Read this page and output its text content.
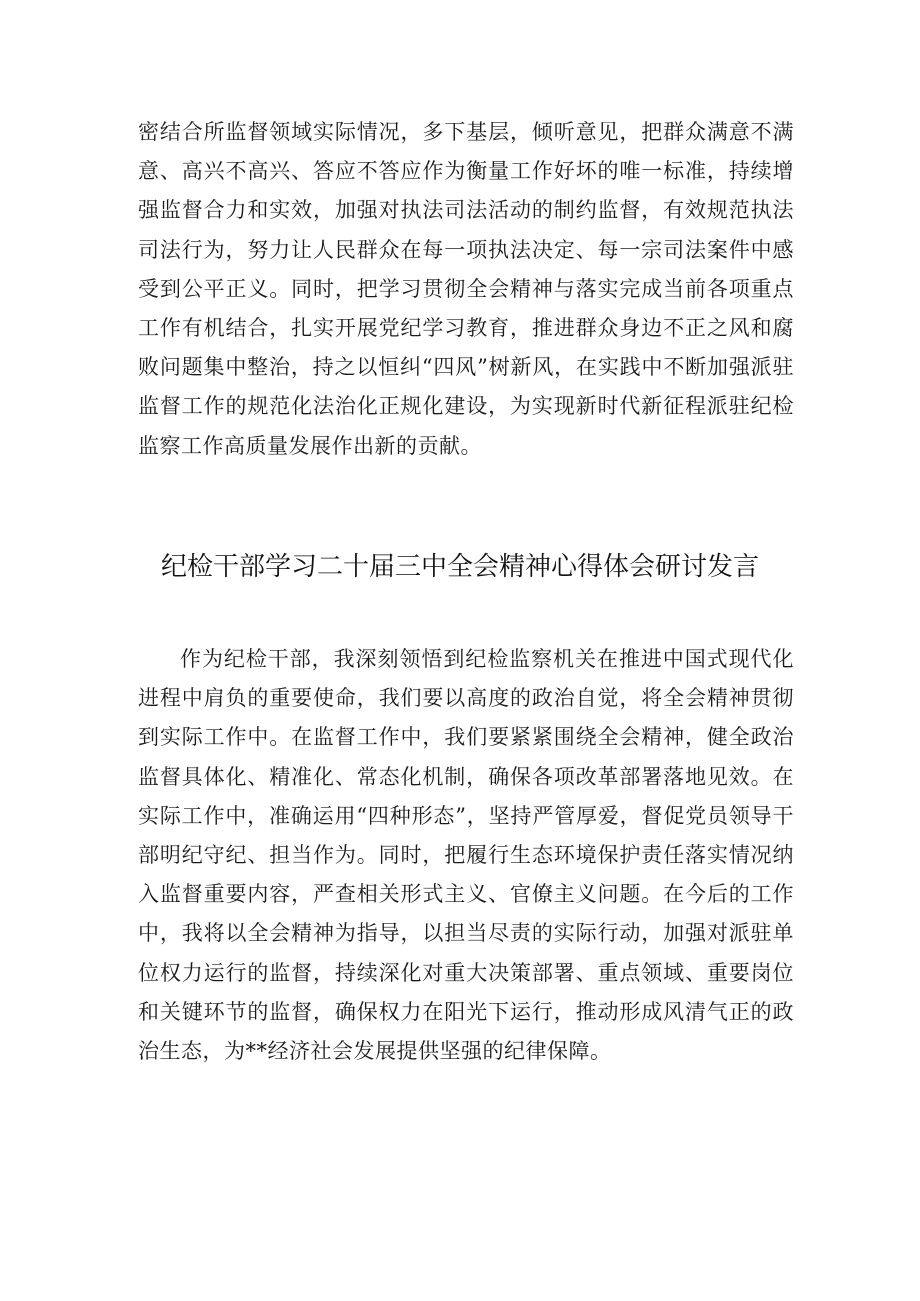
密结合所监督领域实际情况，多下基层，倾听意见，把群众满意不满意、高兴不高兴、答应不答应作为衡量工作好坏的唯一标准，持续增强监督合力和实效，加强对执法司法活动的制约监督，有效规范执法司法行为，努力让人民群众在每一项执法决定、每一宗司法案件中感受到公平正义。同时，把学习贯彻全会精神与落实完成当前各项重点工作有机结合，扎实开展党纪学习教育，推进群众身边不正之风和腐败问题集中整治，持之以恒纠“四风”树新风，在实践中不断加强派驻监督工作的规范化法治化正规化建设，为实现新时代新征程派驻纪检监察工作高质量发展作出新的贡献。

纪检干部学习二十届三中全会精神心得体会研讨发言

作为纪检干部，我深刻领悟到纪检监察机关在推进中国式现代化进程中肩负的重要使命，我们要以高度的政治自觉，将全会精神贯彻到实际工作中。在监督工作中，我们要紧紧围绕全会精神，健全政治监督具体化、精准化、常态化机制，确保各项改革部署落地见效。在实际工作中，准确运用“四种形态”，坚持严管厚爱，督促党员领导干部明纪守纪、担当作为。同时，把履行生态环境保护责任落实情况纳入监督重要内容，严查相关形式主义、官僚主义问题。在今后的工作中，我将以全会精神为指导，以担当尽责的实际行动，加强对派驻单位权力运行的监督，持续深化对重大决策部署、重点领域、重要岗位和关键环节的监督，确保权力在阳光下运行，推动形成风清气正的政治生态，为**经济社会发展提供坚强的纪律保障。
